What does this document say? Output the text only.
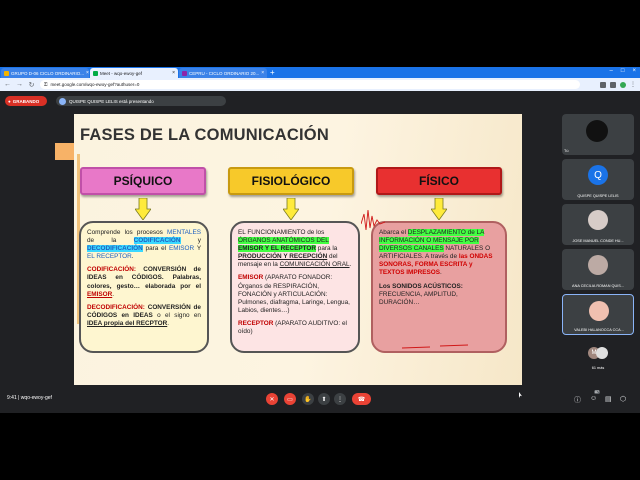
GRUPO D-06 CICLO ORDINARIO... × Meet - wqo-ewoy-gef	×	CEPRU - CICLO ORDINARIO 20... × +	– □ ×
← → ↻ ⚿ meet.google.com/wqo-ewoy-gef?authuser=0	⋮
● GRABANDO	QUISPE QUISPE LELIS está presentando
FASES DE LA COMUNICACIÓN
PSÍQUICO	FISIOLÓGICO	FÍSICO

Comprende los procesos MENTALES de la CODIFICACIÓN y DECODIFICACIÓN para el EMISOR Y EL RECEPTOR.

CODIFICACIÓN: CONVERSIÓN de IDEAS en CÓDIGOS. Palabras, colores, gesto… elaborada por el EMISOR.

DECODIFICACIÓN: CONVERSIÓN de CÓDIGOS en IDEAS o el signo en IDEA propia del RECPTOR.

EL FUNCIONAMIENTO de los ÓRGANOS ANATÓMICOS DEL EMISOR Y EL RECEPTOR para la PRODUCCIÓN Y RECEPCIÓN del mensaje en la COMUNICACIÓN ORAL.

EMISOR (APARATO FONADOR: Órganos de RESPIRACIÓN, FONACIÓN y ARTICULACIÓN: Pulmones, diafragma, Laringe, Lengua, Labios, dientes…)

RECEPTOR (APARATO AUDITIVO: el oído)

Abarca el DESPLAZAMIENTO de LA INFORMACIÓN O MENSAJE POR DIVERSOS CANALES NATURALES O ARTIFICIALES. A través de las ONDAS SONORAS, FORMA ESCRITA y TEXTOS IMPRESOS.

Los SONIDOS ACÚSTICOS: FRECUENCIA, AMPLITUD, DURACIÓN…

Tú
Q
QUISPE QUISPE LELIS
JOSE MANUEL CONDE HU...
ANA CECILIA ROMAN QUIS...
VALEBI HALANOCCA CCA...
M
61 más
9:41 | wqo-ewoy-gef	✕	▭	✋	⬆	⋮	☎	ⓘ ☺
87
▤ ⬡
